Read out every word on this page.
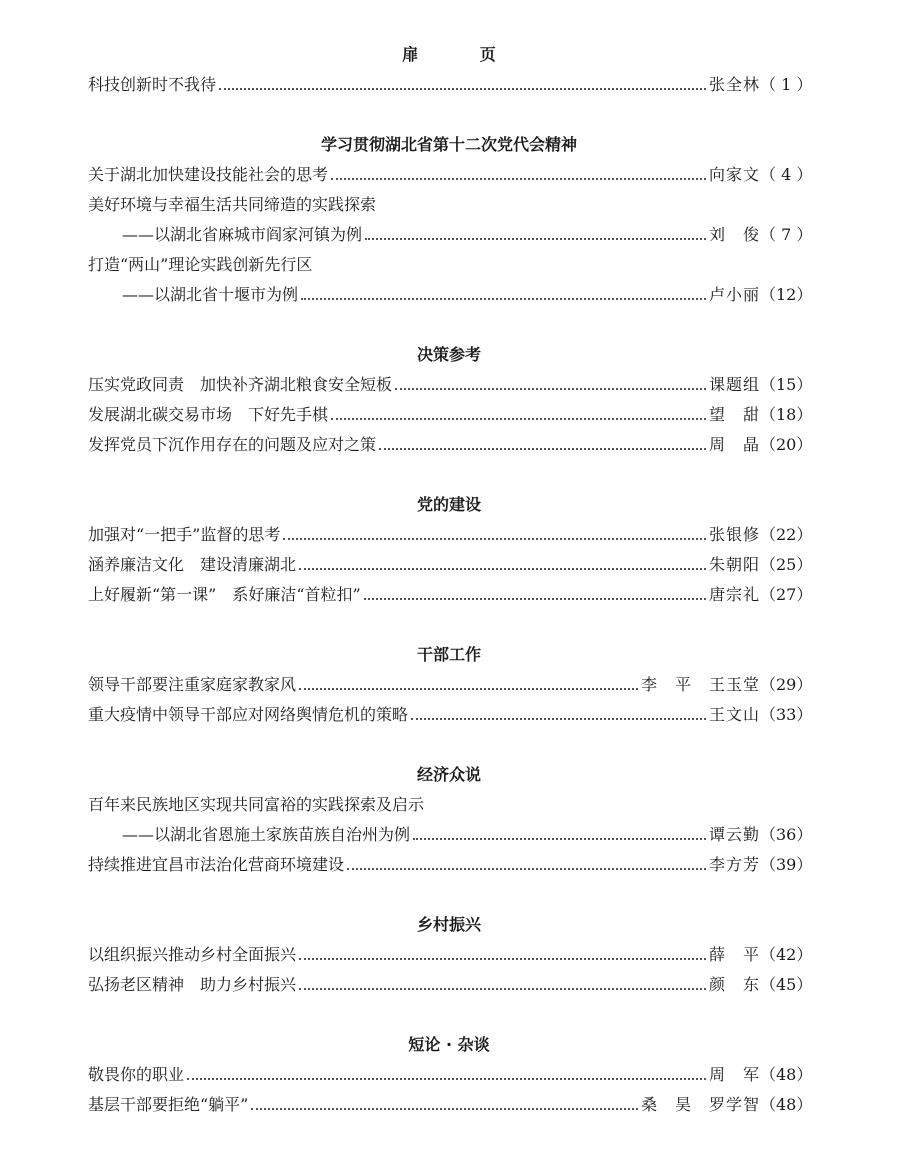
扉 页
科技创新时不我待	张全林 （ 1 ）
学习贯彻湖北省第十二次党代会精神
关于湖北加快建设技能社会的思考	向家文 （ 4 ）
美好环境与幸福生活共同缔造的实践探索
——以湖北省麻城市阎家河镇为例	刘　俊 （ 7 ）
打造“两山”理论实践创新先行区
——以湖北省十堰市为例	卢小丽 （12）
决策参考
压实党政同责　加快补齐湖北粮食安全短板	课题组 （15）
发展湖北碳交易市场　下好先手棋	望　甜 （18）
发挥党员下沉作用存在的问题及应对之策	周　晶 （20）
党的建设
加强对“一把手”监督的思考	张银修 （22）
涵养廉洁文化　建设清廉湖北	朱朝阳 （25）
上好履新“第一课”　系好廉洁“首粒扣”	唐宗礼 （27）
干部工作
领导干部要注重家庭家教家风	李　平　王玉堂 （29）
重大疫情中领导干部应对网络舆情危机的策略	王文山 （33）
经济众说
百年来民族地区实现共同富裕的实践探索及启示
——以湖北省恩施土家族苗族自治州为例	谭云勤 （36）
持续推进宜昌市法治化营商环境建设	李方芳 （39）
乡村振兴
以组织振兴推动乡村全面振兴	薛　平 （42）
弘扬老区精神　助力乡村振兴	颜　东 （45）
短论 · 杂谈
敬畏你的职业	周　军 （48）
基层干部要拒绝“躺平”	桑　昊　罗学智 （48）
